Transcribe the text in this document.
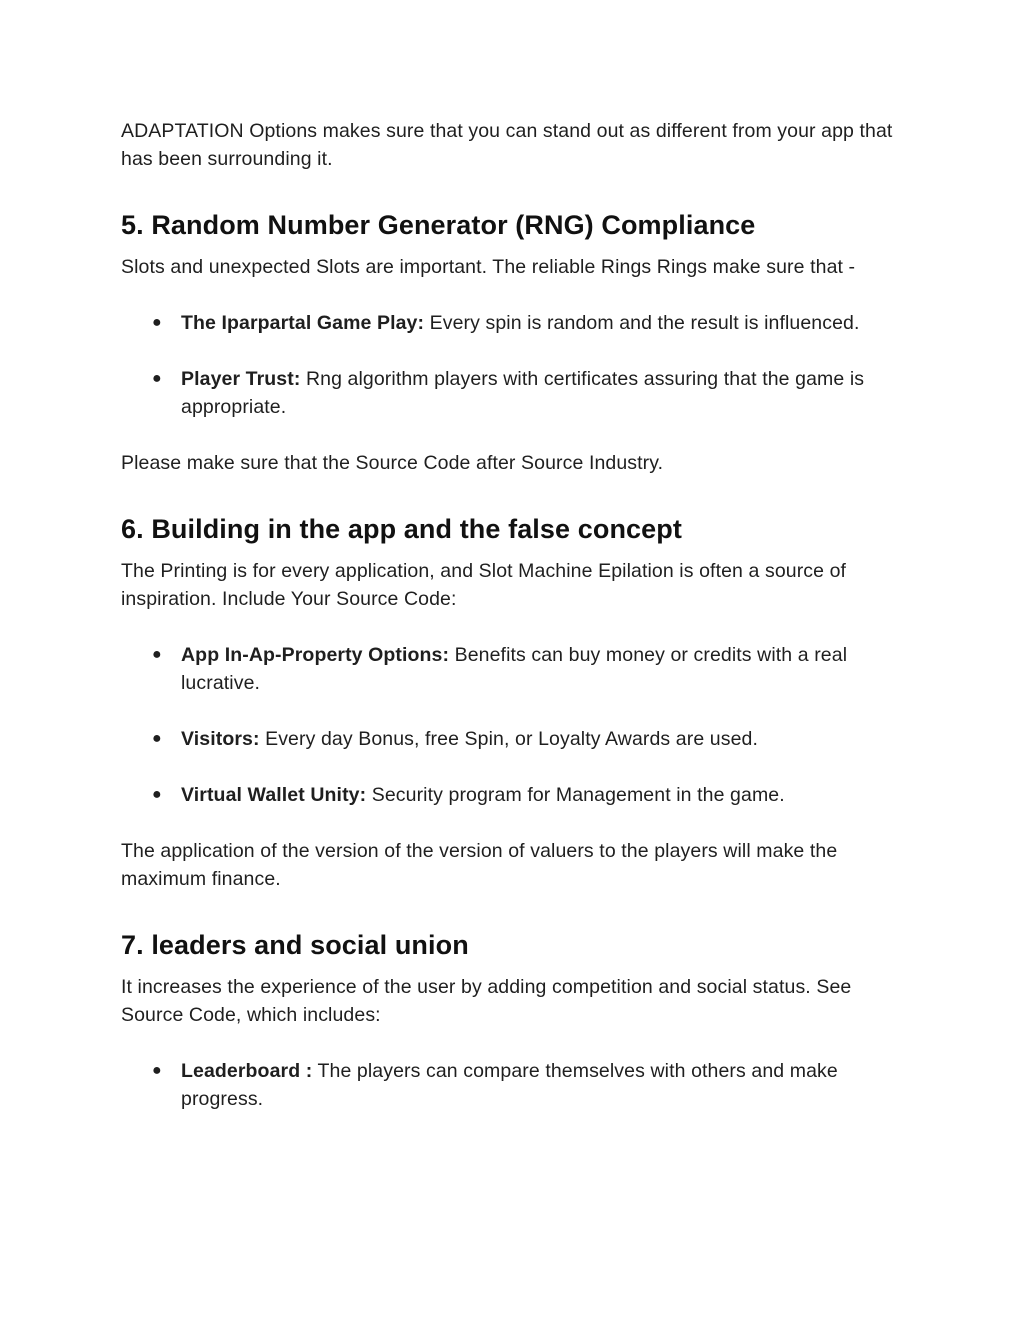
ADAPTATION Options makes sure that you can stand out as different from your app that has been surrounding it.

5. Random Number Generator (RNG) Compliance

Slots and unexpected Slots are important. The reliable Rings Rings make sure that -

● The Iparpartal Game Play: Every spin is random and the result is influenced.
● Player Trust: Rng algorithm players with certificates assuring that the game is appropriate.

Please make sure that the Source Code after Source Industry.

6. Building in the app and the false concept

The Printing is for every application, and Slot Machine Epilation is often a source of inspiration. Include Your Source Code:

● App In-Ap-Property Options: Benefits can buy money or credits with a real lucrative.
● Visitors: Every day Bonus, free Spin, or Loyalty Awards are used.
● Virtual Wallet Unity: Security program for Management in the game.

The application of the version of the version of valuers to the players will make the maximum finance.

7. leaders and social union

It increases the experience of the user by adding competition and social status. See Source Code, which includes:

● Leaderboard : The players can compare themselves with others and make progress.
